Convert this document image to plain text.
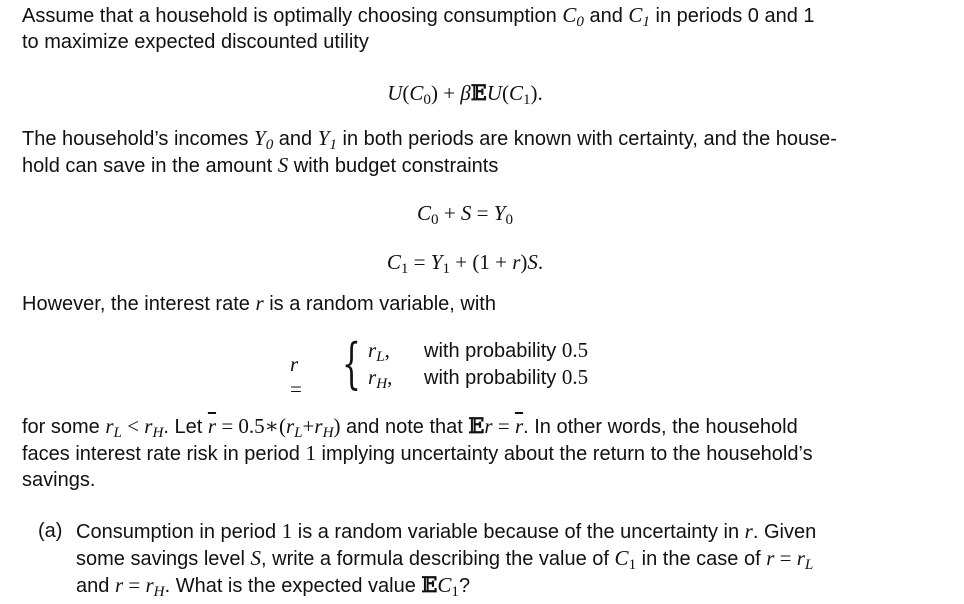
Assume that a household is optimally choosing consumption $C_0$ and $C_1$ in periods 0 and 1
to maximize expected discounted utility
$U(C_0)$ + $\beta 𝔼U(C_1)$.
The household’s incomes $Y_0$ and $Y_1$ in both periods are known with certainty, and the house-
hold can save in the amount S with budget constraints
$C_0 + S = Y_0$
$C_1 = Y_1 + (1 + r)S$.
However, the interest rate r is a random variable, with
r = { $r_L$, with probability 0.5
$r_H$, with probability 0.5
for some $r_L < r_H$. Let $\overline{r}$ = $0.5∗(r_L+r_H)$ and note that 𝔼r = $\overline{r}$. In other words, the household
faces interest rate risk in period 1 implying uncertainty about the return to the household’s
savings.
(a) Consumption in period 1 is a random variable because of the uncertainty in r. Given
some savings level S, write a formula describing the value of $C_1$ in the case of $r = r_L$
and $r = r_H$. What is the expected value 𝔼C$_1$?
